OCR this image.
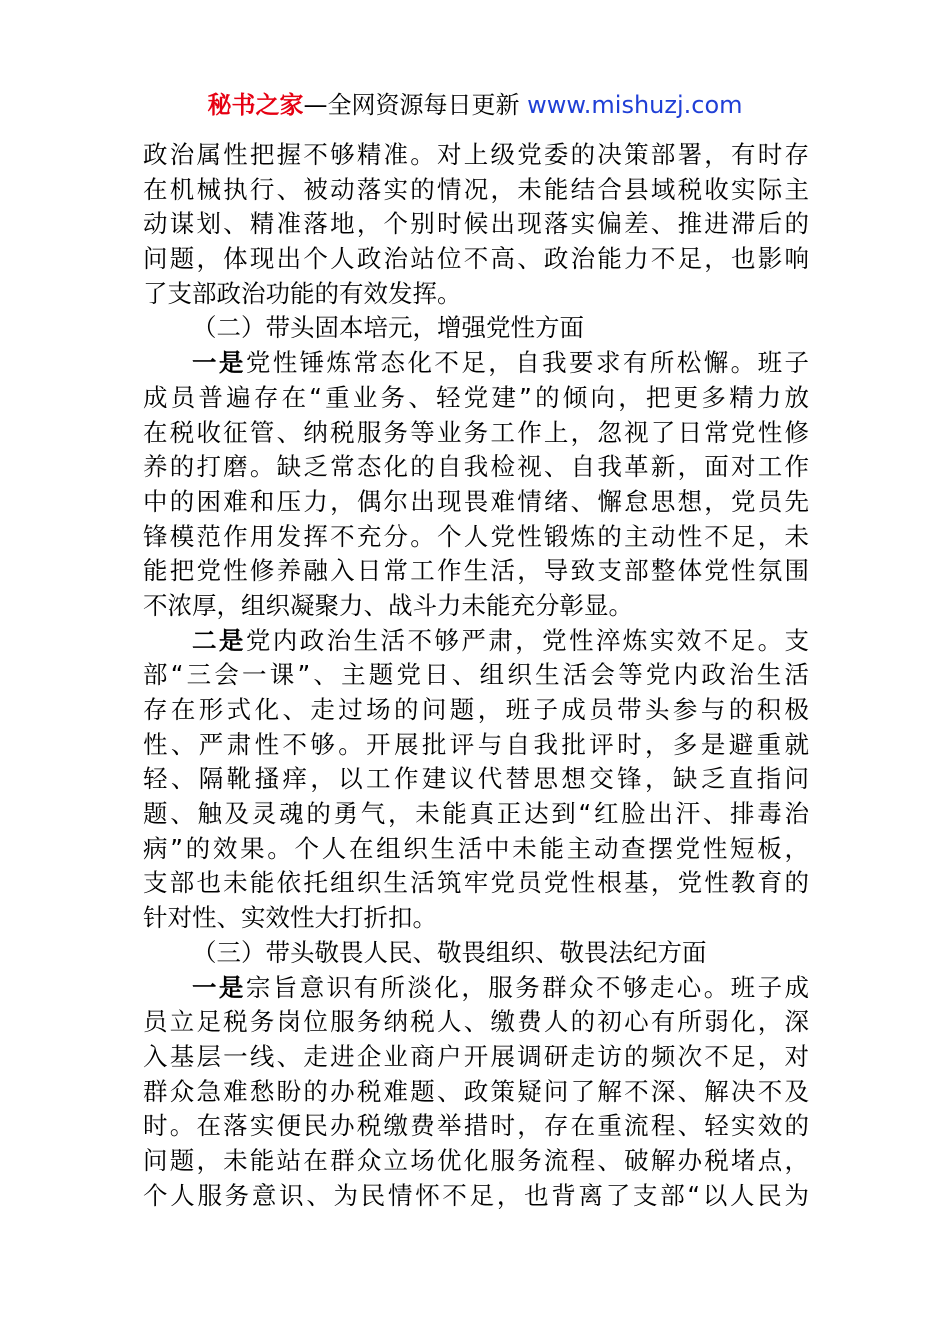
秘书之家—全网资源每日更新 www.mishuzj.com
政治属性把握不够精准。对上级党委的决策部署，有时存
在机械执行、被动落实的情况，未能结合县域税收实际主
动谋划、精准落地，个别时候出现落实偏差、推进滞后的
问题，体现出个人政治站位不高、政治能力不足，也影响
了支部政治功能的有效发挥。
（二）带头固本培元，增强党性方面
一是党性锤炼常态化不足，自我要求有所松懈。班子
成员普遍存在“重业务、轻党建”的倾向，把更多精力放
在税收征管、纳税服务等业务工作上，忽视了日常党性修
养的打磨。缺乏常态化的自我检视、自我革新，面对工作
中的困难和压力，偶尔出现畏难情绪、懈怠思想，党员先
锋模范作用发挥不充分。个人党性锻炼的主动性不足，未
能把党性修养融入日常工作生活，导致支部整体党性氛围
不浓厚，组织凝聚力、战斗力未能充分彰显。
二是党内政治生活不够严肃，党性淬炼实效不足。支
部“三会一课”、主题党日、组织生活会等党内政治生活
存在形式化、走过场的问题，班子成员带头参与的积极
性、严肃性不够。开展批评与自我批评时，多是避重就
轻、隔靴搔痒，以工作建议代替思想交锋，缺乏直指问
题、触及灵魂的勇气，未能真正达到“红脸出汗、排毒治
病”的效果。个人在组织生活中未能主动查摆党性短板，
支部也未能依托组织生活筑牢党员党性根基，党性教育的
针对性、实效性大打折扣。
（三）带头敬畏人民、敬畏组织、敬畏法纪方面
一是宗旨意识有所淡化，服务群众不够走心。班子成
员立足税务岗位服务纳税人、缴费人的初心有所弱化，深
入基层一线、走进企业商户开展调研走访的频次不足，对
群众急难愁盼的办税难题、政策疑问了解不深、解决不及
时。在落实便民办税缴费举措时，存在重流程、轻实效的
问题，未能站在群众立场优化服务流程、破解办税堵点，
个人服务意识、为民情怀不足，也背离了支部“以人民为
